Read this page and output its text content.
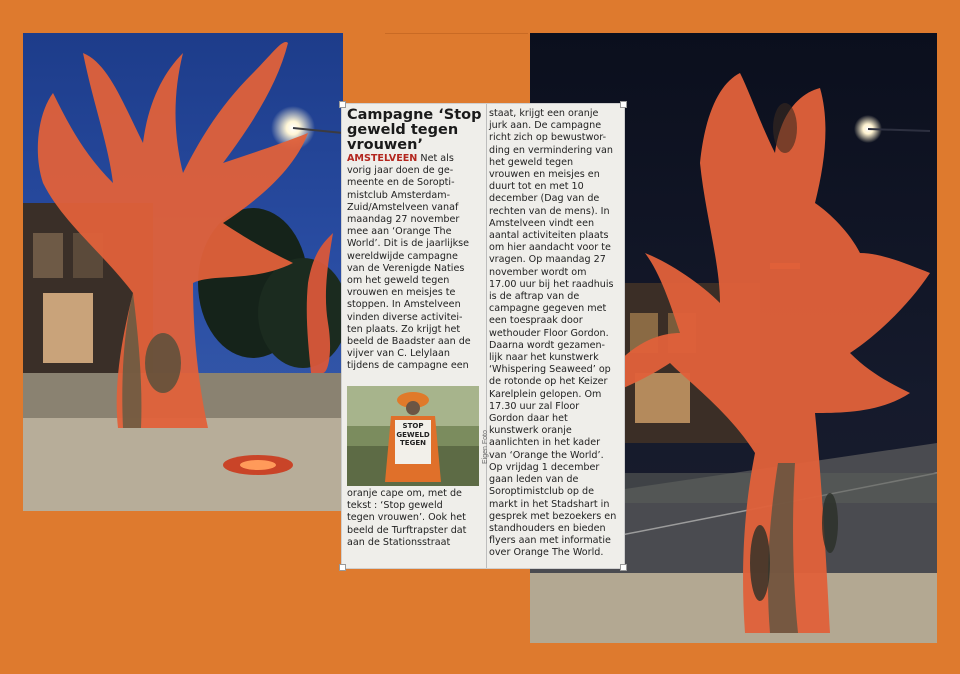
Campagne ‘Stop
geweld tegen
vrouwen’

AMSTELVEEN Net als
vorig jaar doen de ge-
meente en de Soropti-
mistclub Amsterdam-
Zuid/Amstelveen vanaf
maandag 27 november
mee aan ‘Orange The
World’. Dit is de jaarlijkse
wereldwijde campagne
van de Verenigde Naties
om het geweld tegen
vrouwen en meisjes te
stoppen. In Amstelveen
vinden diverse activitei-
ten plaats. Zo krijgt het
beeld de Baadster aan de
vijver van C. Lelylaan
tijdens de campagne een

STOP
GEWELD
TEGEN	Eigen Foto

oranje cape om, met de
tekst : ‘Stop geweld
tegen vrouwen’. Ook het
beeld de Turftrapster dat
aan de Stationsstraat

staat, krijgt een oranje
jurk aan. De campagne
richt zich op bewustwor-
ding en vermindering van
het geweld tegen
vrouwen en meisjes en
duurt tot en met 10
december (Dag van de
rechten van de mens). In
Amstelveen vindt een
aantal activiteiten plaats
om hier aandacht voor te
vragen. Op maandag 27
november wordt om
17.00 uur bij het raadhuis
is de aftrap van de
campagne gegeven met
een toespraak door
wethouder Floor Gordon.
Daarna wordt gezamen-
lijk naar het kunstwerk
‘Whispering Seaweed’ op
de rotonde op het Keizer
Karelplein gelopen. Om
17.30 uur zal Floor
Gordon daar het
kunstwerk oranje
aanlichten in het kader
van ‘Orange the World’.
Op vrijdag 1 december
gaan leden van de
Soroptimistclub op de
markt in het Stadshart in
gesprek met bezoekers en
standhouders en bieden
flyers aan met informatie
over Orange The World.
